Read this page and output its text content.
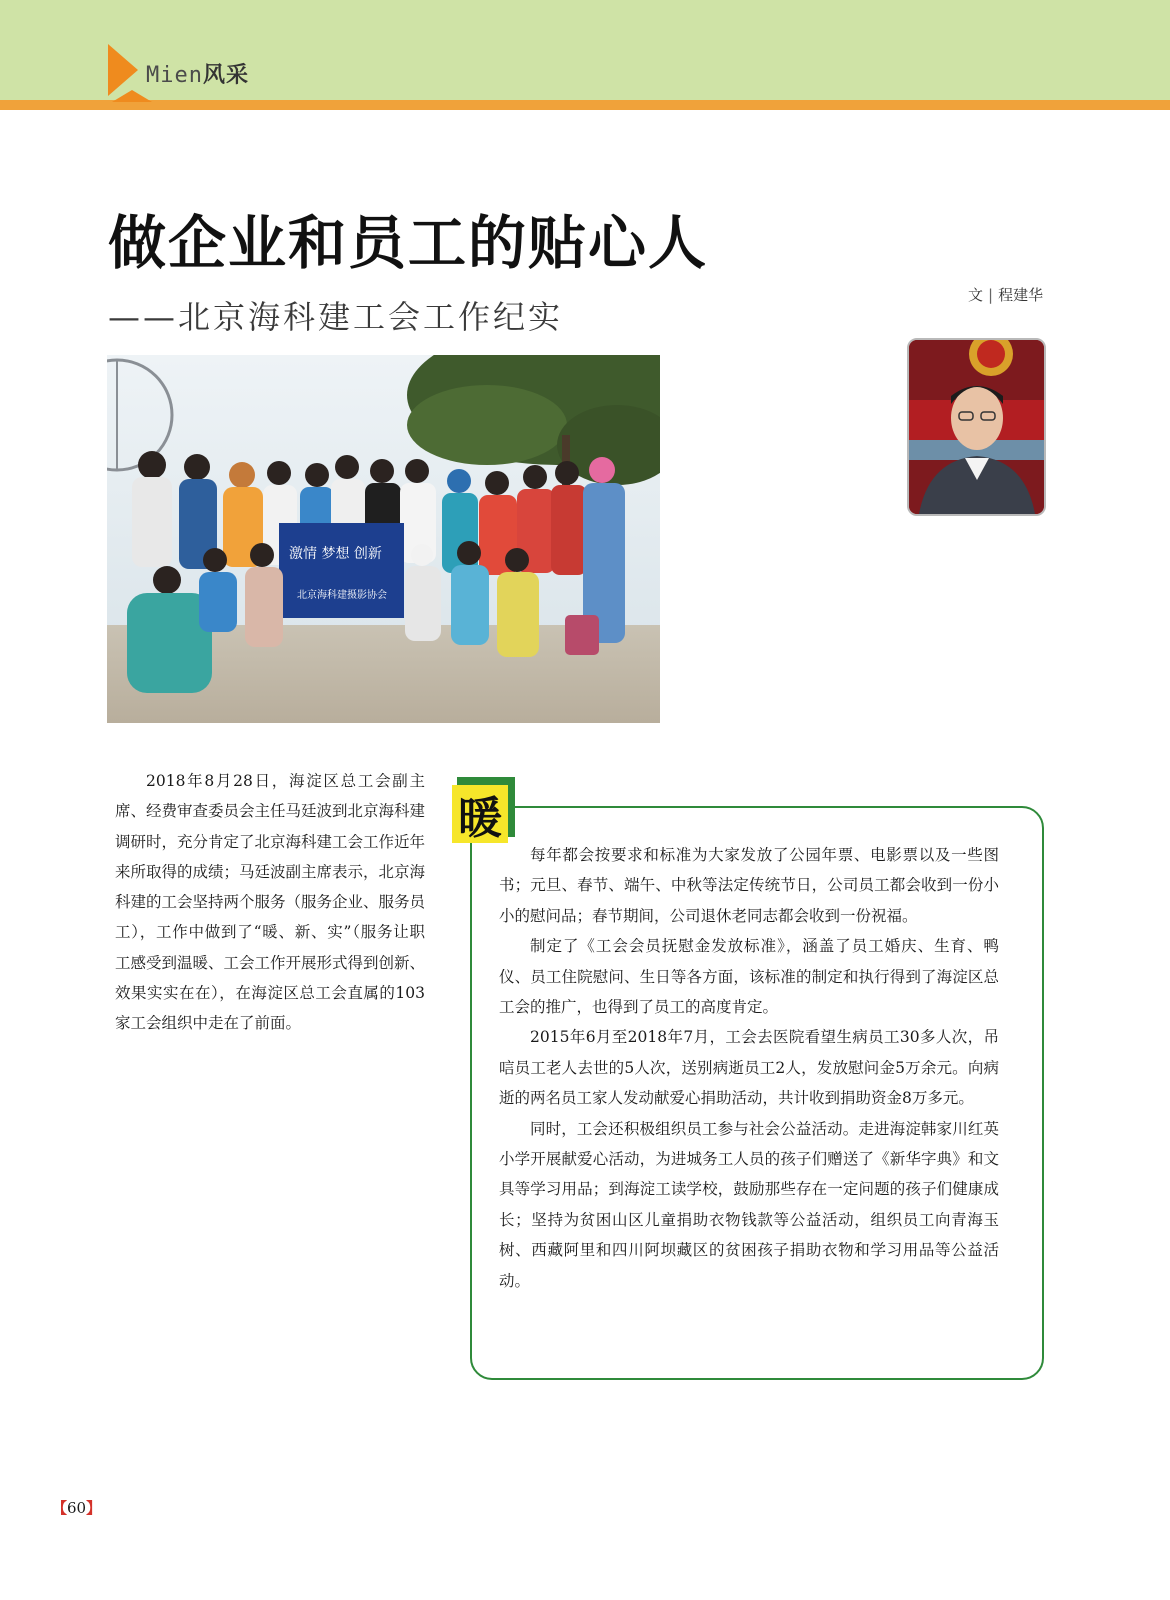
Mien风采
做企业和员工的贴心人
——北京海科建工会工作纪实
文 | 程建华
激情 梦想 创新
北京海科建摄影协会

2018年8月28日，海淀区总工会副主席、经费审查委员会主任马廷波到北京海科建调研时，充分肯定了北京海科建工会工作近年来所取得的成绩；马廷波副主席表示，北京海科建的工会坚持两个服务（服务企业、服务员工），工作中做到了“暖、新、实”（服务让职工感受到温暖、工会工作开展形式得到创新、效果实实在在），在海淀区总工会直属的103家工会组织中走在了前面。

暖

每年都会按要求和标准为大家发放了公园年票、电影票以及一些图书；元旦、春节、端午、中秋等法定传统节日，公司员工都会收到一份小小的慰问品；春节期间，公司退休老同志都会收到一份祝福。

制定了《工会会员抚慰金发放标准》，涵盖了员工婚庆、生育、鸭仪、员工住院慰问、生日等各方面，该标准的制定和执行得到了海淀区总工会的推广，也得到了员工的高度肯定。

2015年6月至2018年7月，工会去医院看望生病员工30多人次，吊唁员工老人去世的5人次，送别病逝员工2人，发放慰问金5万余元。向病逝的两名员工家人发动献爱心捐助活动，共计收到捐助资金8万多元。

同时，工会还积极组织员工参与社会公益活动。走进海淀韩家川红英小学开展献爱心活动，为进城务工人员的孩子们赠送了《新华字典》和文具等学习用品；到海淀工读学校，鼓励那些存在一定问题的孩子们健康成长；坚持为贫困山区儿童捐助衣物钱款等公益活动，组织员工向青海玉树、西藏阿里和四川阿坝藏区的贫困孩子捐助衣物和学习用品等公益活动。

【60】
